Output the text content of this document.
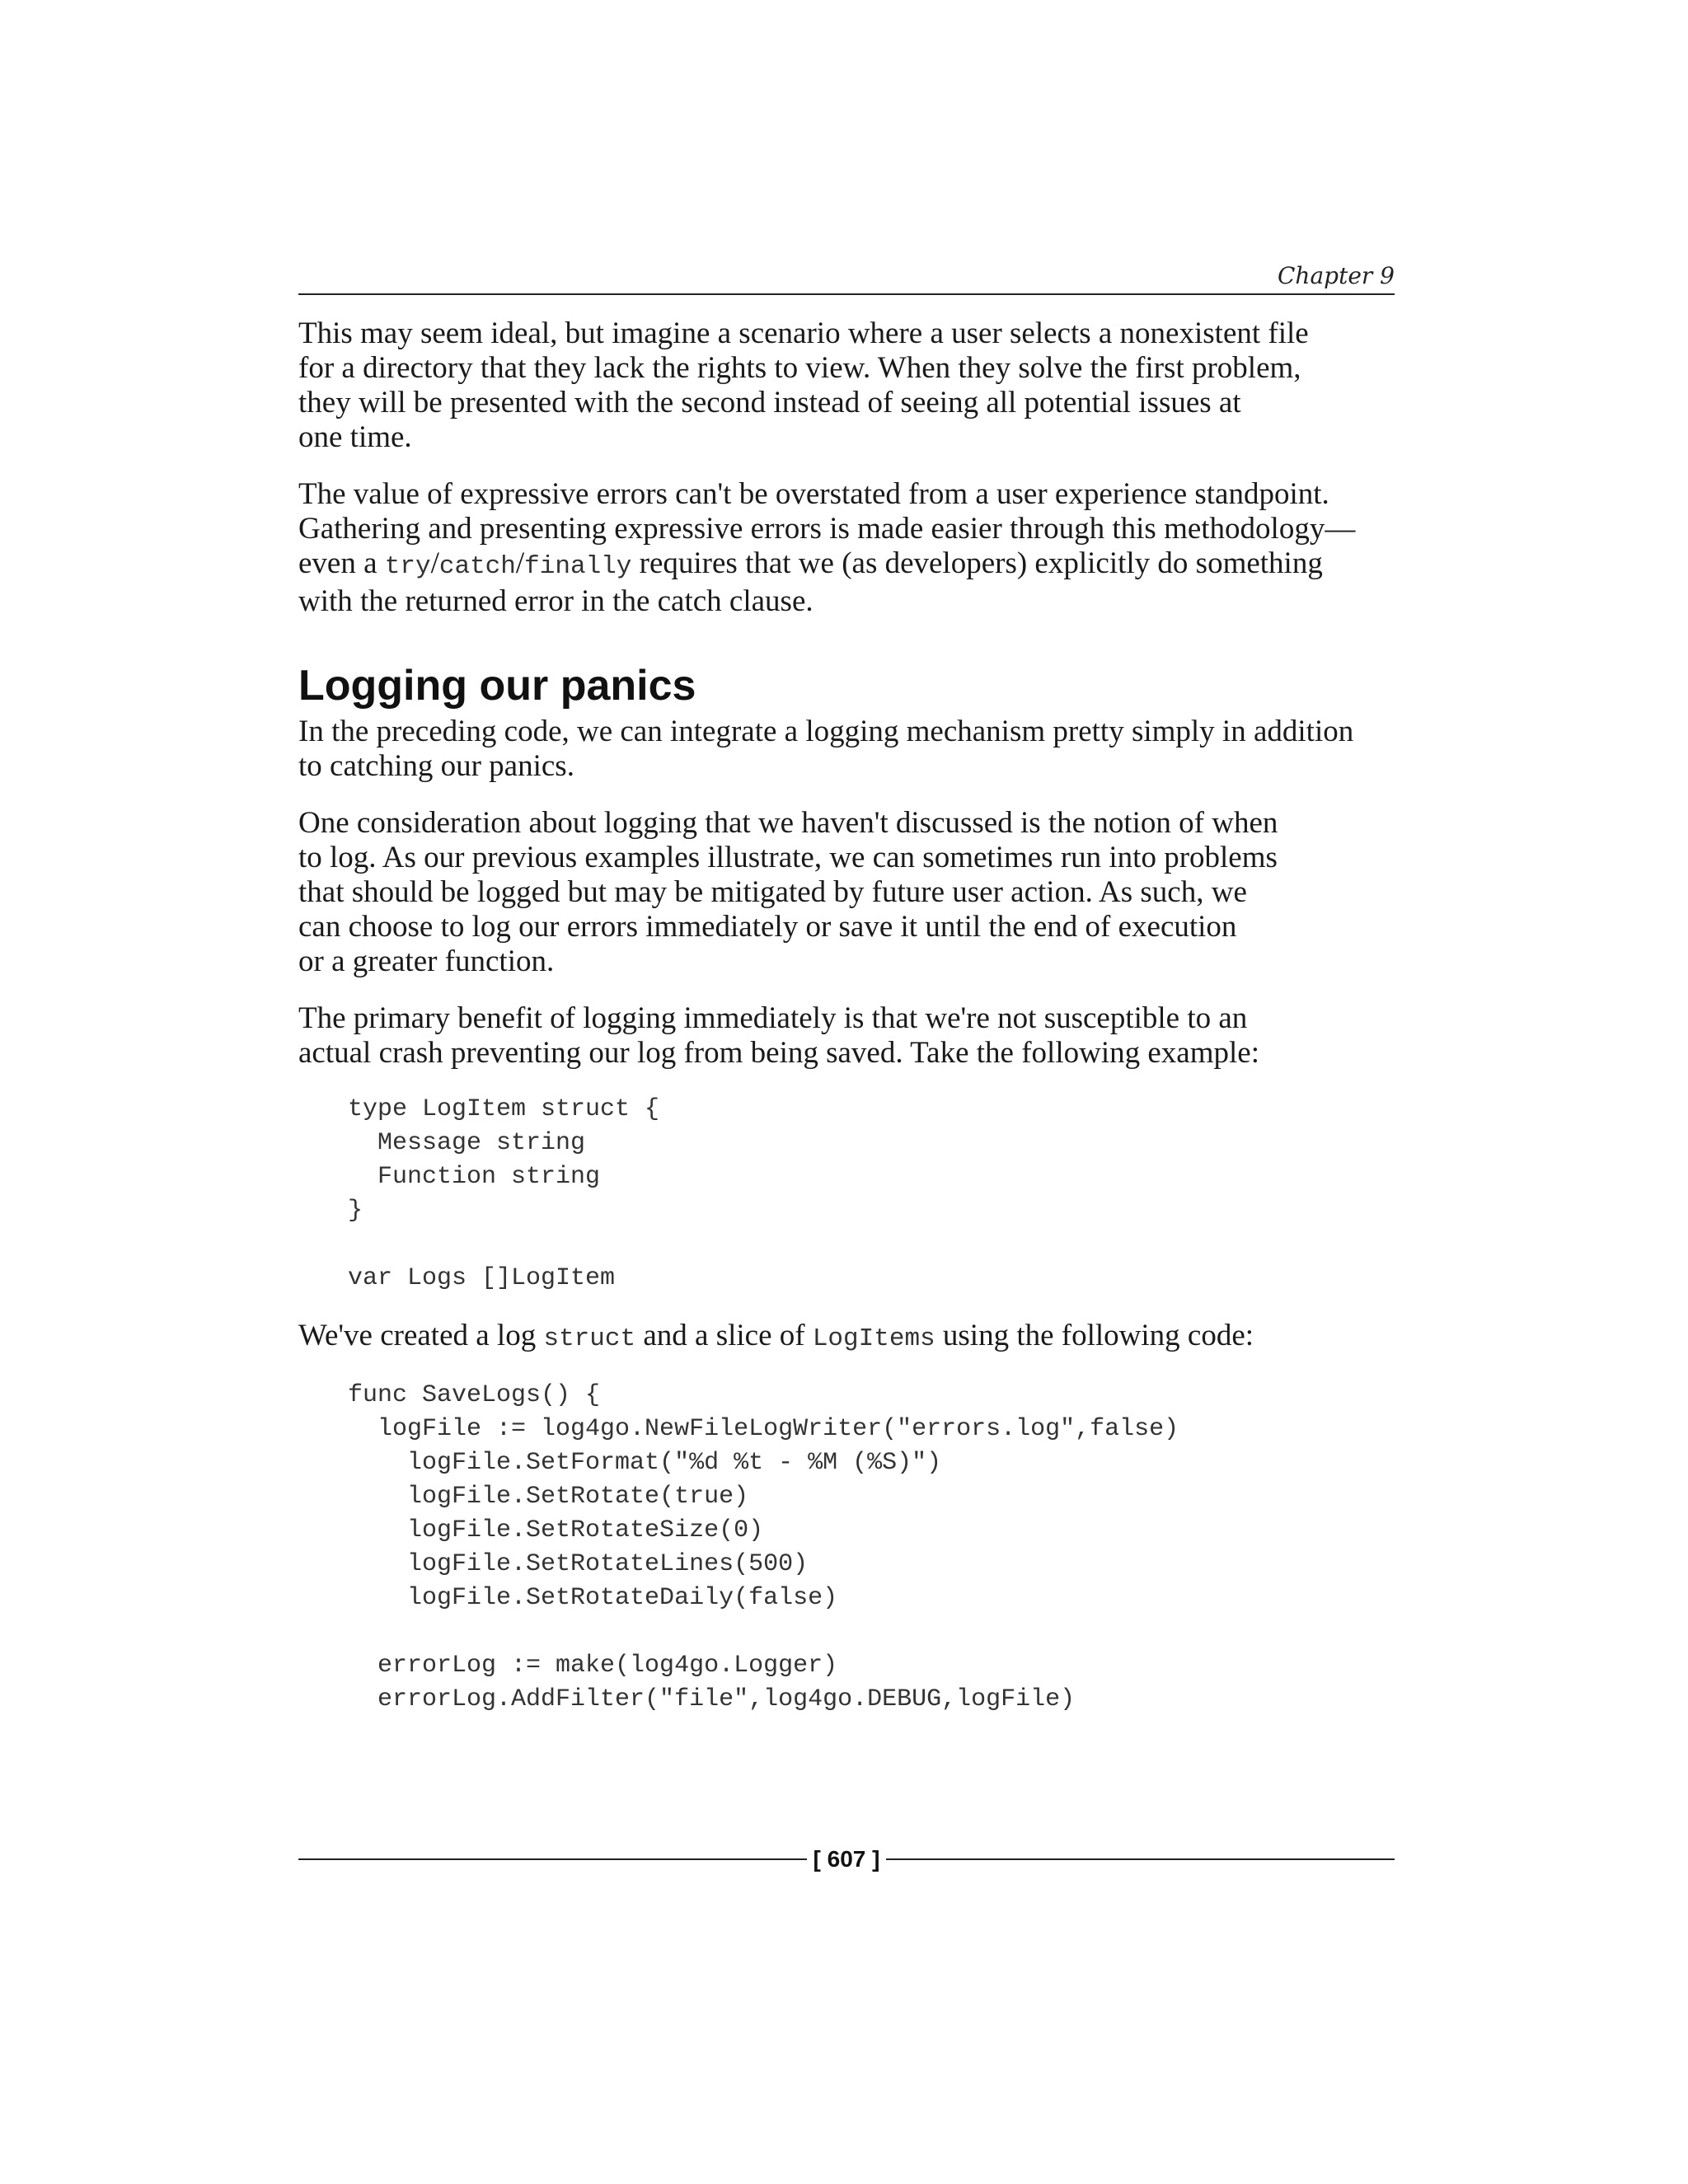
Chapter 9

This may seem ideal, but imagine a scenario where a user selects a nonexistent file
for a directory that they lack the rights to view. When they solve the first problem,
they will be presented with the second instead of seeing all potential issues at
one time.

The value of expressive errors can't be overstated from a user experience standpoint.
Gathering and presenting expressive errors is made easier through this methodology—
even a try/catch/finally requires that we (as developers) explicitly do something
with the returned error in the catch clause.

Logging our panics

In the preceding code, we can integrate a logging mechanism pretty simply in addition
to catching our panics.

One consideration about logging that we haven't discussed is the notion of when
to log. As our previous examples illustrate, we can sometimes run into problems
that should be logged but may be mitigated by future user action. As such, we
can choose to log our errors immediately or save it until the end of execution
or a greater function.

The primary benefit of logging immediately is that we're not susceptible to an
actual crash preventing our log from being saved. Take the following example:

type LogItem struct {
Message string
Function string
}

var Logs []LogItem

We've created a log struct and a slice of LogItems using the following code:

func SaveLogs() {
logFile := log4go.NewFileLogWriter("errors.log",false)
logFile.SetFormat("%d %t - %M (%S)")
logFile.SetRotate(true)
logFile.SetRotateSize(0)
logFile.SetRotateLines(500)
logFile.SetRotateDaily(false)

errorLog := make(log4go.Logger)
errorLog.AddFilter("file",log4go.DEBUG,logFile)
[ 607 ]
